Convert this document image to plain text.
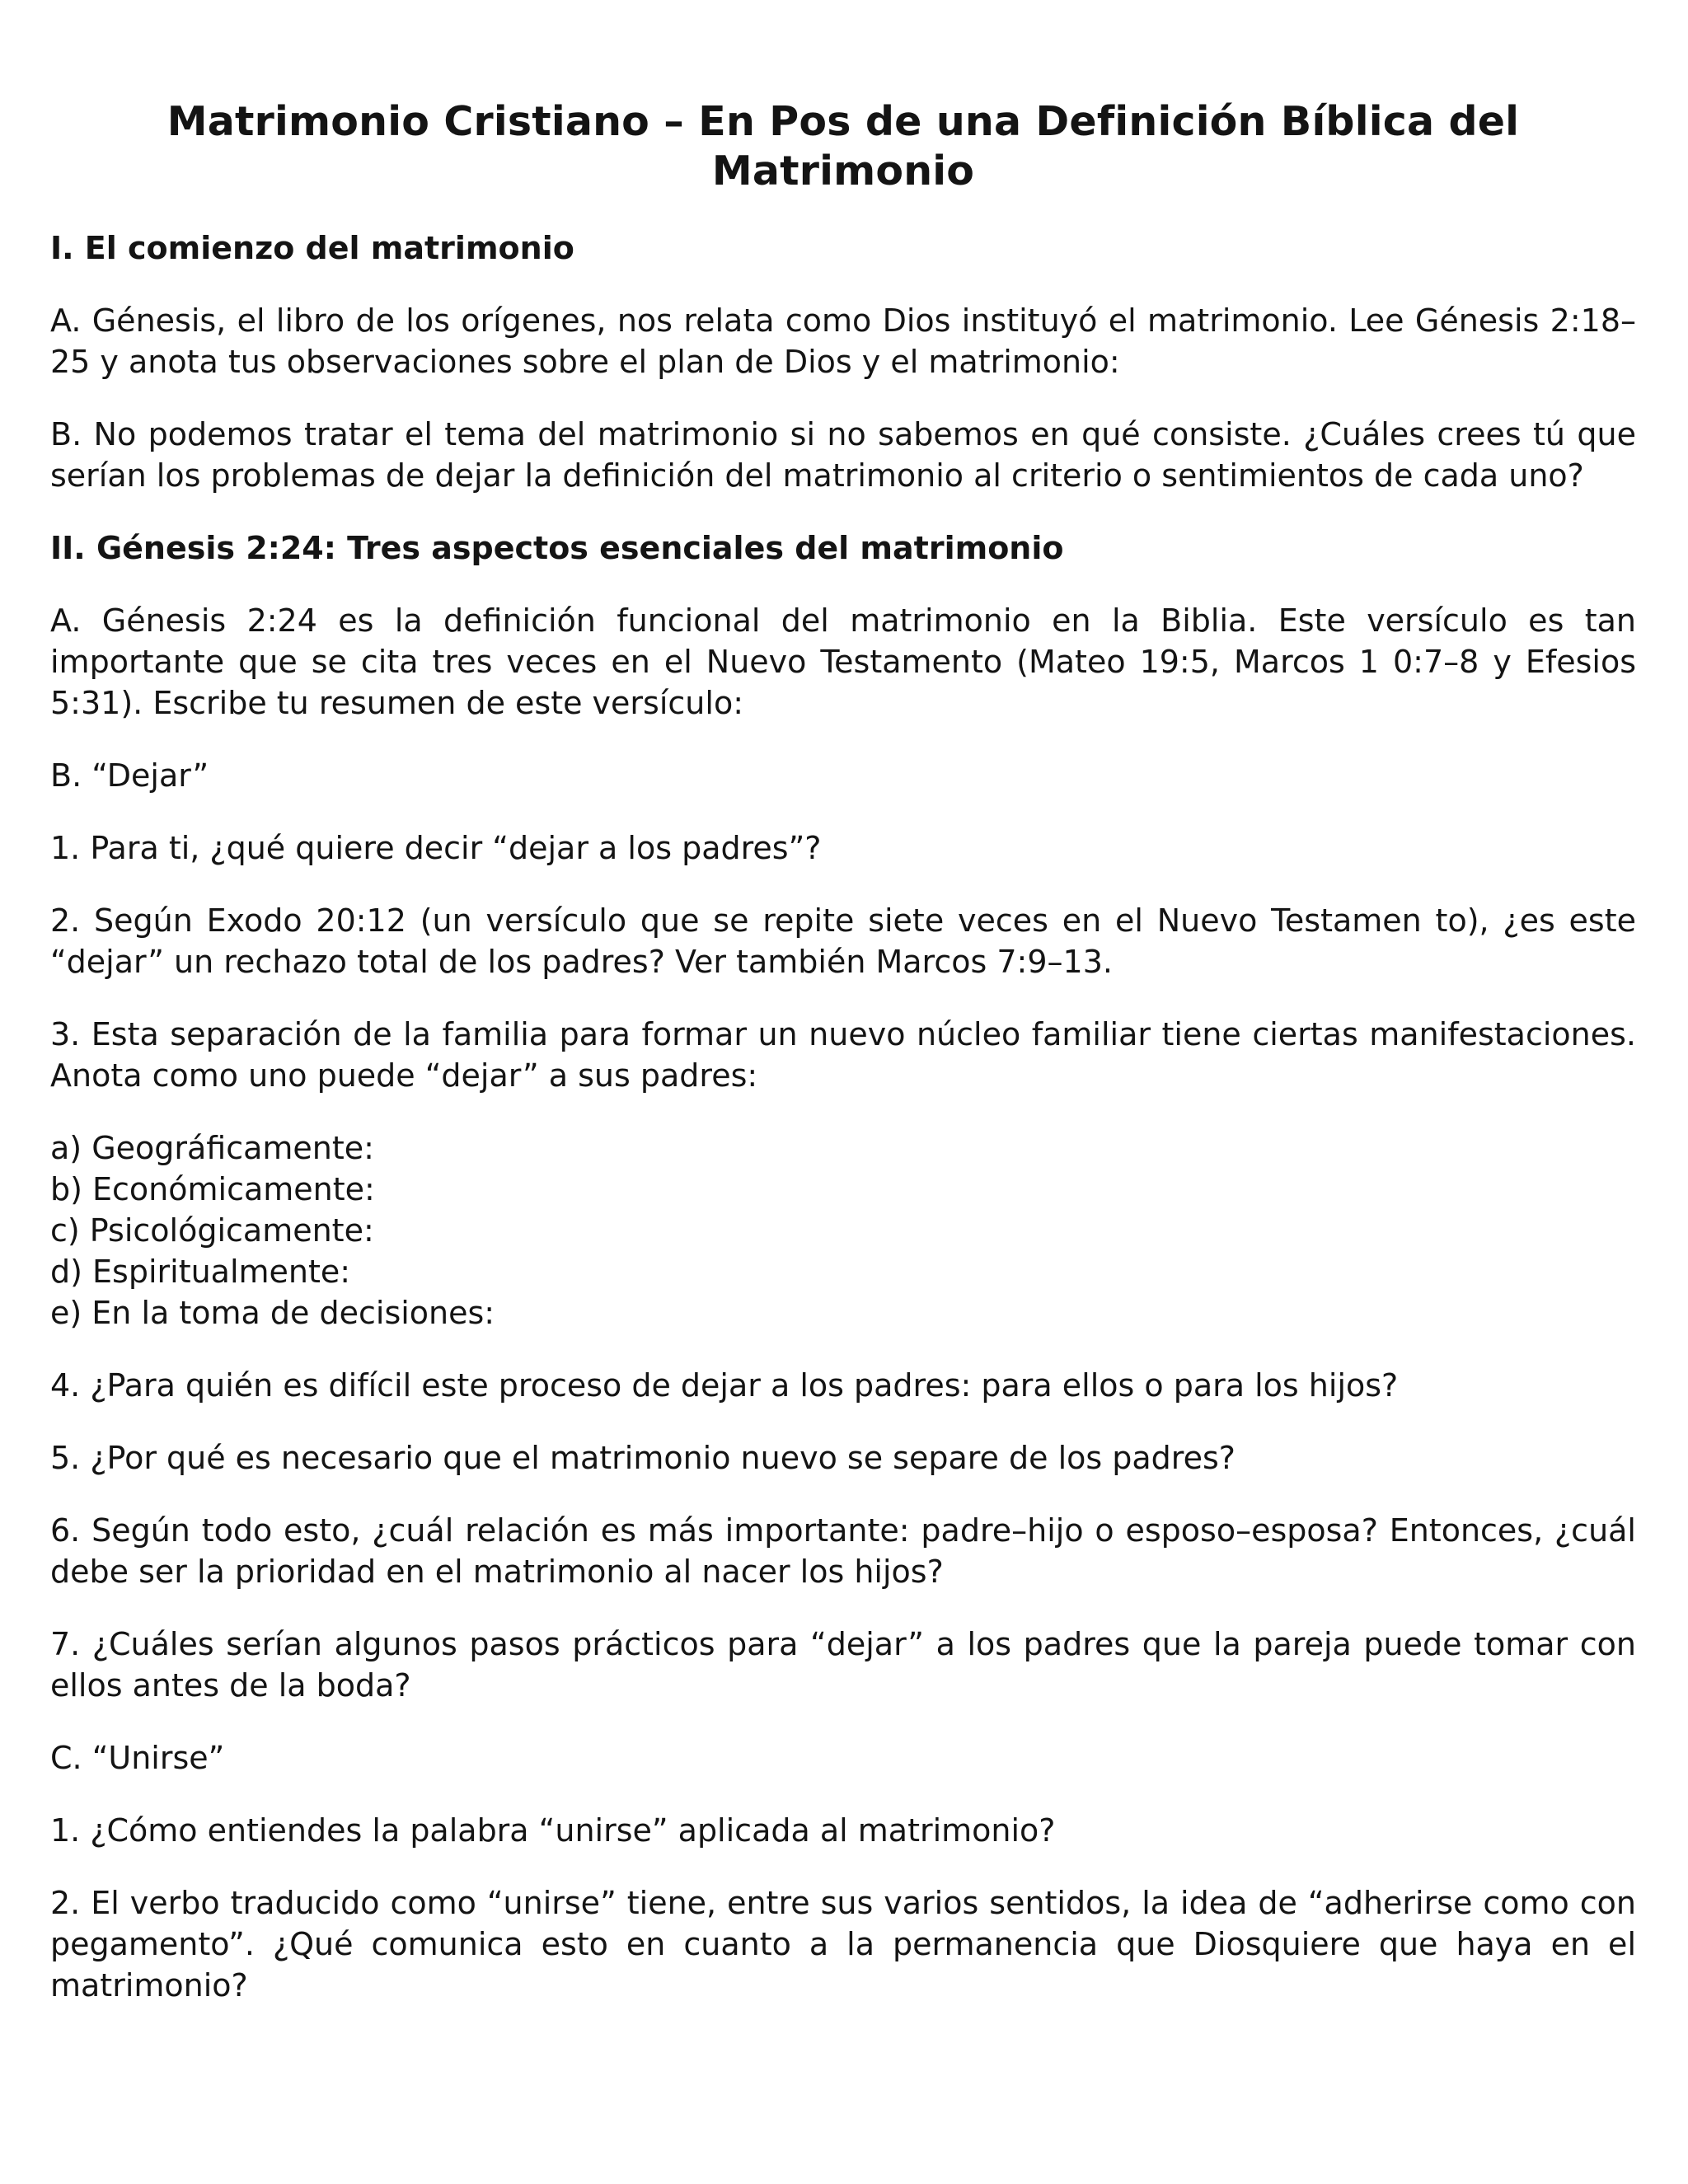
Matrimonio Cristiano – En Pos de una Definición Bíblica del Matrimonio
I. El comienzo del matrimonio

A. Génesis, el libro de los orígenes, nos relata como Dios instituyó el matrimonio. Lee Génesis 2:18–25 y anota tus observaciones sobre el plan de Dios y el matrimonio:

B. No podemos tratar el tema del matrimonio si no sabemos en qué consiste. ¿Cuáles crees tú que serían los problemas de dejar la definición del matrimonio al criterio o sentimientos de cada uno?

II. Génesis 2:24: Tres aspectos esenciales del matrimonio

A. Génesis 2:24 es la definición funcional del matrimonio en la Biblia. Este versículo es tan importante que se cita tres veces en el Nuevo Testamento (Mateo 19:5, Marcos 1 0:7–8 y Efesios 5:31). Escribe tu resumen de este versículo:

B. “Dejar”

1. Para ti, ¿qué quiere decir “dejar a los padres”?

2. Según Exodo 20:12 (un versículo que se repite siete veces en el Nuevo Testamen to), ¿es este “dejar” un rechazo total de los padres? Ver también Marcos 7:9–13.

3. Esta separación de la familia para formar un nuevo núcleo familiar tiene ciertas manifestaciones. Anota como uno puede “dejar” a sus padres:

a) Geográficamente:
b) Económicamente:
c) Psicológicamente:
d) Espiritualmente:
e) En la toma de decisiones:

4. ¿Para quién es difícil este proceso de dejar a los padres: para ellos o para los hijos?

5. ¿Por qué es necesario que el matrimonio nuevo se separe de los padres?

6. Según todo esto, ¿cuál relación es más importante: padre–hijo o esposo–esposa? Entonces, ¿cuál debe ser la prioridad en el matrimonio al nacer los hijos?

7. ¿Cuáles serían algunos pasos prácticos para “dejar” a los padres que la pareja puede tomar con ellos antes de la boda?

C. “Unirse”

1. ¿Cómo entiendes la palabra “unirse” aplicada al matrimonio?

2. El verbo traducido como “unirse” tiene, entre sus varios sentidos, la idea de “adherirse como con pegamento”. ¿Qué comunica esto en cuanto a la permanencia que Diosquiere que haya en el matrimonio?
